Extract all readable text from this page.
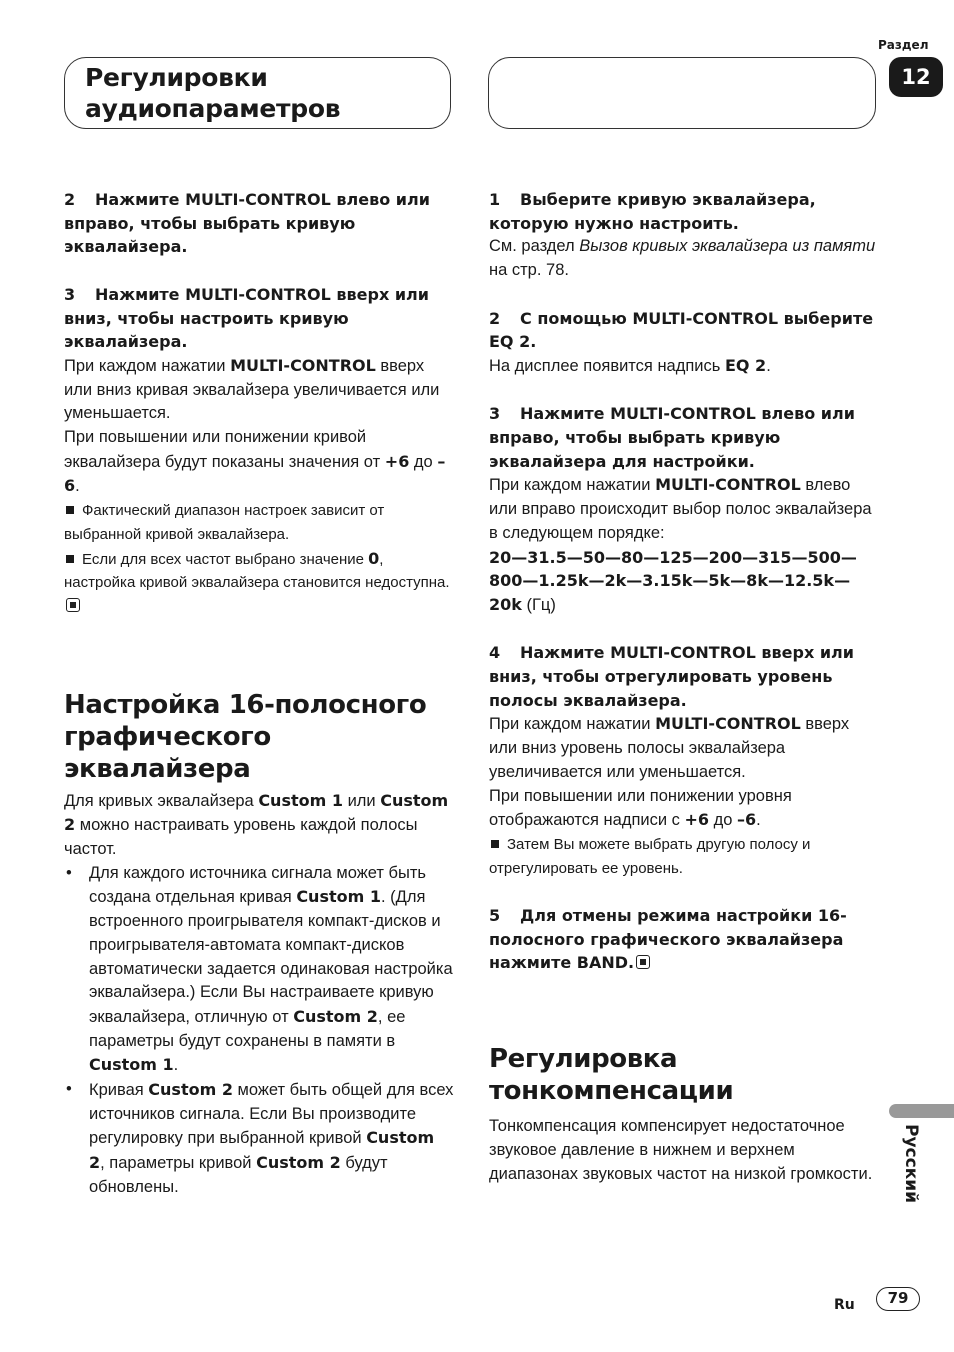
Регулировки

аудиопараметров

Раздел
12

2 Нажмите MULTI-CONTROL влево или вправо, чтобы выбрать кривую эквалайзера.

3 Нажмите MULTI-CONTROL вверх или вниз, чтобы настроить кривую эквалайзера.

При каждом нажатии MULTI-CONTROL вверх или вниз кривая эквалайзера увеличивается или уменьшается.

При повышении или понижении кривой эквалайзера будут показаны значения от +6 до –6.

Фактический диапазон настроек зависит от выбранной кривой эквалайзера.

Если для всех частот выбрано значение 0, настройка кривой эквалайзера становится недоступна.

Настройка 16-полосного графического эквалайзера

Для кривых эквалайзера Custom 1 или Custom 2 можно настраивать уровень каждой полосы частот.

• Для каждого источника сигнала может быть создана отдельная кривая Custom 1. (Для встроенного проигрывателя компакт-дисков и проигрывателя-автомата компакт-дисков автоматически задается одинаковая настройка эквалайзера.) Если Вы настраиваете кривую эквалайзера, отличную от Custom 2, ее параметры будут сохранены в памяти в Custom 1.

• Кривая Custom 2 может быть общей для всех источников сигнала. Если Вы производите регулировку при выбранной кривой Custom 2, параметры кривой Custom 2 будут обновлены.

1 Выберите кривую эквалайзера, которую нужно настроить.

См. раздел Вызов кривых эквалайзера из памяти на стр. 78.

2 С помощью MULTI-CONTROL выберите EQ 2.

На дисплее появится надпись EQ 2.

3 Нажмите MULTI-CONTROL влево или вправо, чтобы выбрать кривую эквалайзера для настройки.

При каждом нажатии MULTI-CONTROL влево или вправо происходит выбор полос эквалайзера в следующем порядке:

20—31.5—50—80—125—200—315—500—

800—1.25k—2k—3.15k—5k—8k—12.5k—

20k (Гц)

4 Нажмите MULTI-CONTROL вверх или вниз, чтобы отрегулировать уровень полосы эквалайзера.

При каждом нажатии MULTI-CONTROL вверх или вниз уровень полосы эквалайзера увеличивается или уменьшается.

При повышении или понижении уровня отображаются надписи с +6 до –6.

Затем Вы можете выбрать другую полосу и отрегулировать ее уровень.

5 Для отмены режима настройки 16-полосного графического эквалайзера нажмите BAND.

Регулировка тонкомпенсации

Тонкомпенсация компенсирует недостаточное звуковое давление в нижнем и верхнем диапазонах звуковых частот на низкой громкости.	Русский
Ru	79
